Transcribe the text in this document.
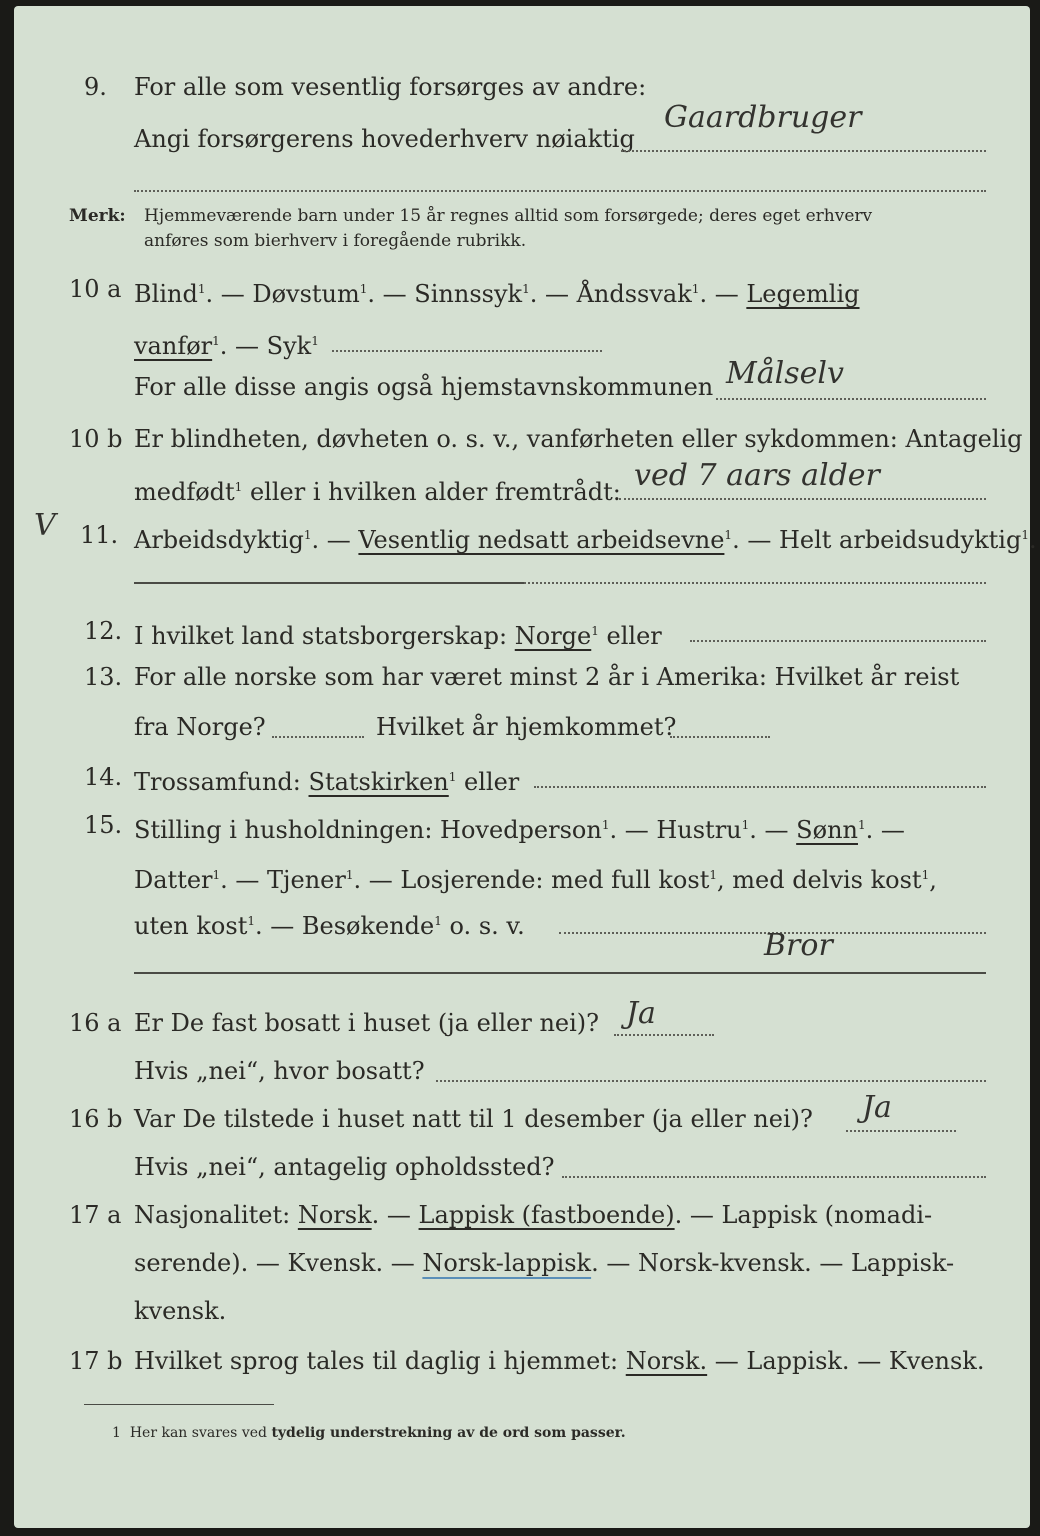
9. For alle som vesentlig forsørges av andre:
Angi forsørgerens hovederhverv nøiaktig
Gaardbruger
Merk: Hjemmeværende barn under 15 år regnes alltid som forsørgede; deres eget erhverv
anføres som bierhverv i foregående rubrikk.
10 a Blind$^1$. — Døvstum$^1$. — Sinnssyk$^1$. — Åndssvak$^1$. — Legemlig
vanfør$^1$. — Syk$^1$
For alle disse angis også hjemstavnskommunen Målselv
10 b Er blindheten, døvheten o. s. v., vanførheten eller sykdommen: Antagelig
medfødt$^1$ eller i hvilken alder fremtrådt: ved 7 aars alder
V 11. Arbeidsdyktig$^1$. — Vesentlig nedsatt arbeidsevne$^1$. — Helt arbeidsudyktig$^1$.
12. I hvilket land statsborgerskap: Norge$^1$ eller
13. For alle norske som har været minst 2 år i Amerika: Hvilket år reist
fra Norge?	Hvilket år hjemkommet?
14. Trossamfund: Statskirken$^1$ eller
15. Stilling i husholdningen: Hovedperson$^1$. — Hustru$^1$. — Sønn$^1$. —
Datter$^1$. — Tjener$^1$. — Losjerende: med full kost$^1$, med delvis kost$^1$,
uten kost$^1$. — Besøkende$^1$ o. s. v.
Bror
16 a Er De fast bosatt i huset (ja eller nei)? Ja
Hvis „nei“, hvor bosatt?
16 b Var De tilstede i huset natt til 1 desember (ja eller nei)? Ja
Hvis „nei“, antagelig opholdssted?
17 a Nasjonalitet: Norsk. — Lappisk (fastboende). — Lappisk (nomadi-
serende). — Kvensk. — Norsk-lappisk. — Norsk-kvensk. — Lappisk-
kvensk.
17 b Hvilket sprog tales til daglig i hjemmet: Norsk. — Lappisk. — Kvensk.
1 Her kan svares ved tydelig understrekning av de ord som passer.
